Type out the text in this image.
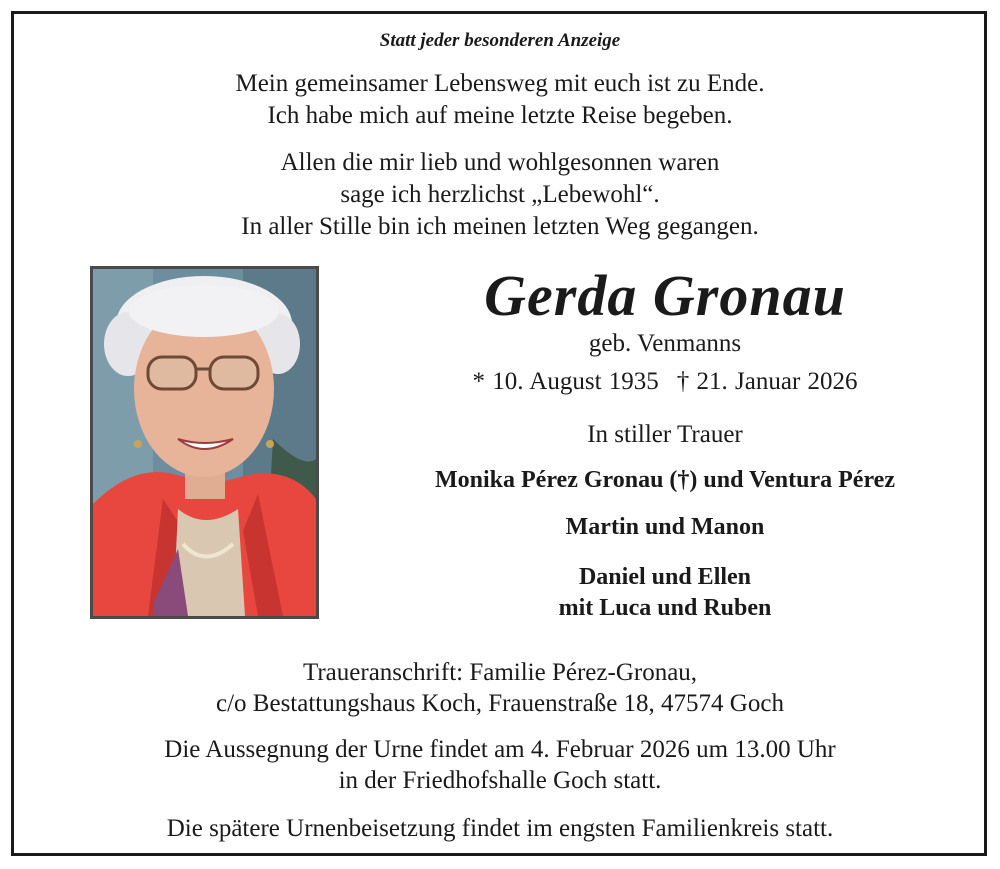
Statt jeder besonderen Anzeige
Mein gemeinsamer Lebensweg mit euch ist zu Ende.
Ich habe mich auf meine letzte Reise begeben.
Allen die mir lieb und wohlgesonnen waren
sage ich herzlichst „Lebewohl“.
In aller Stille bin ich meinen letzten Weg gegangen.
Gerda Gronau
geb. Venmanns
* 10. August 1935 † 21. Januar 2026
In stiller Trauer
Monika Pérez Gronau (†) und Ventura Pérez
Martin und Manon
Daniel und Ellen
mit Luca und Ruben
Traueranschrift: Familie Pérez-Gronau,
c/o Bestattungshaus Koch, Frauenstraße 18, 47574 Goch
Die Aussegnung der Urne findet am 4. Februar 2026 um 13.00 Uhr
in der Friedhofshalle Goch statt.
Die spätere Urnenbeisetzung findet im engsten Familienkreis statt.
